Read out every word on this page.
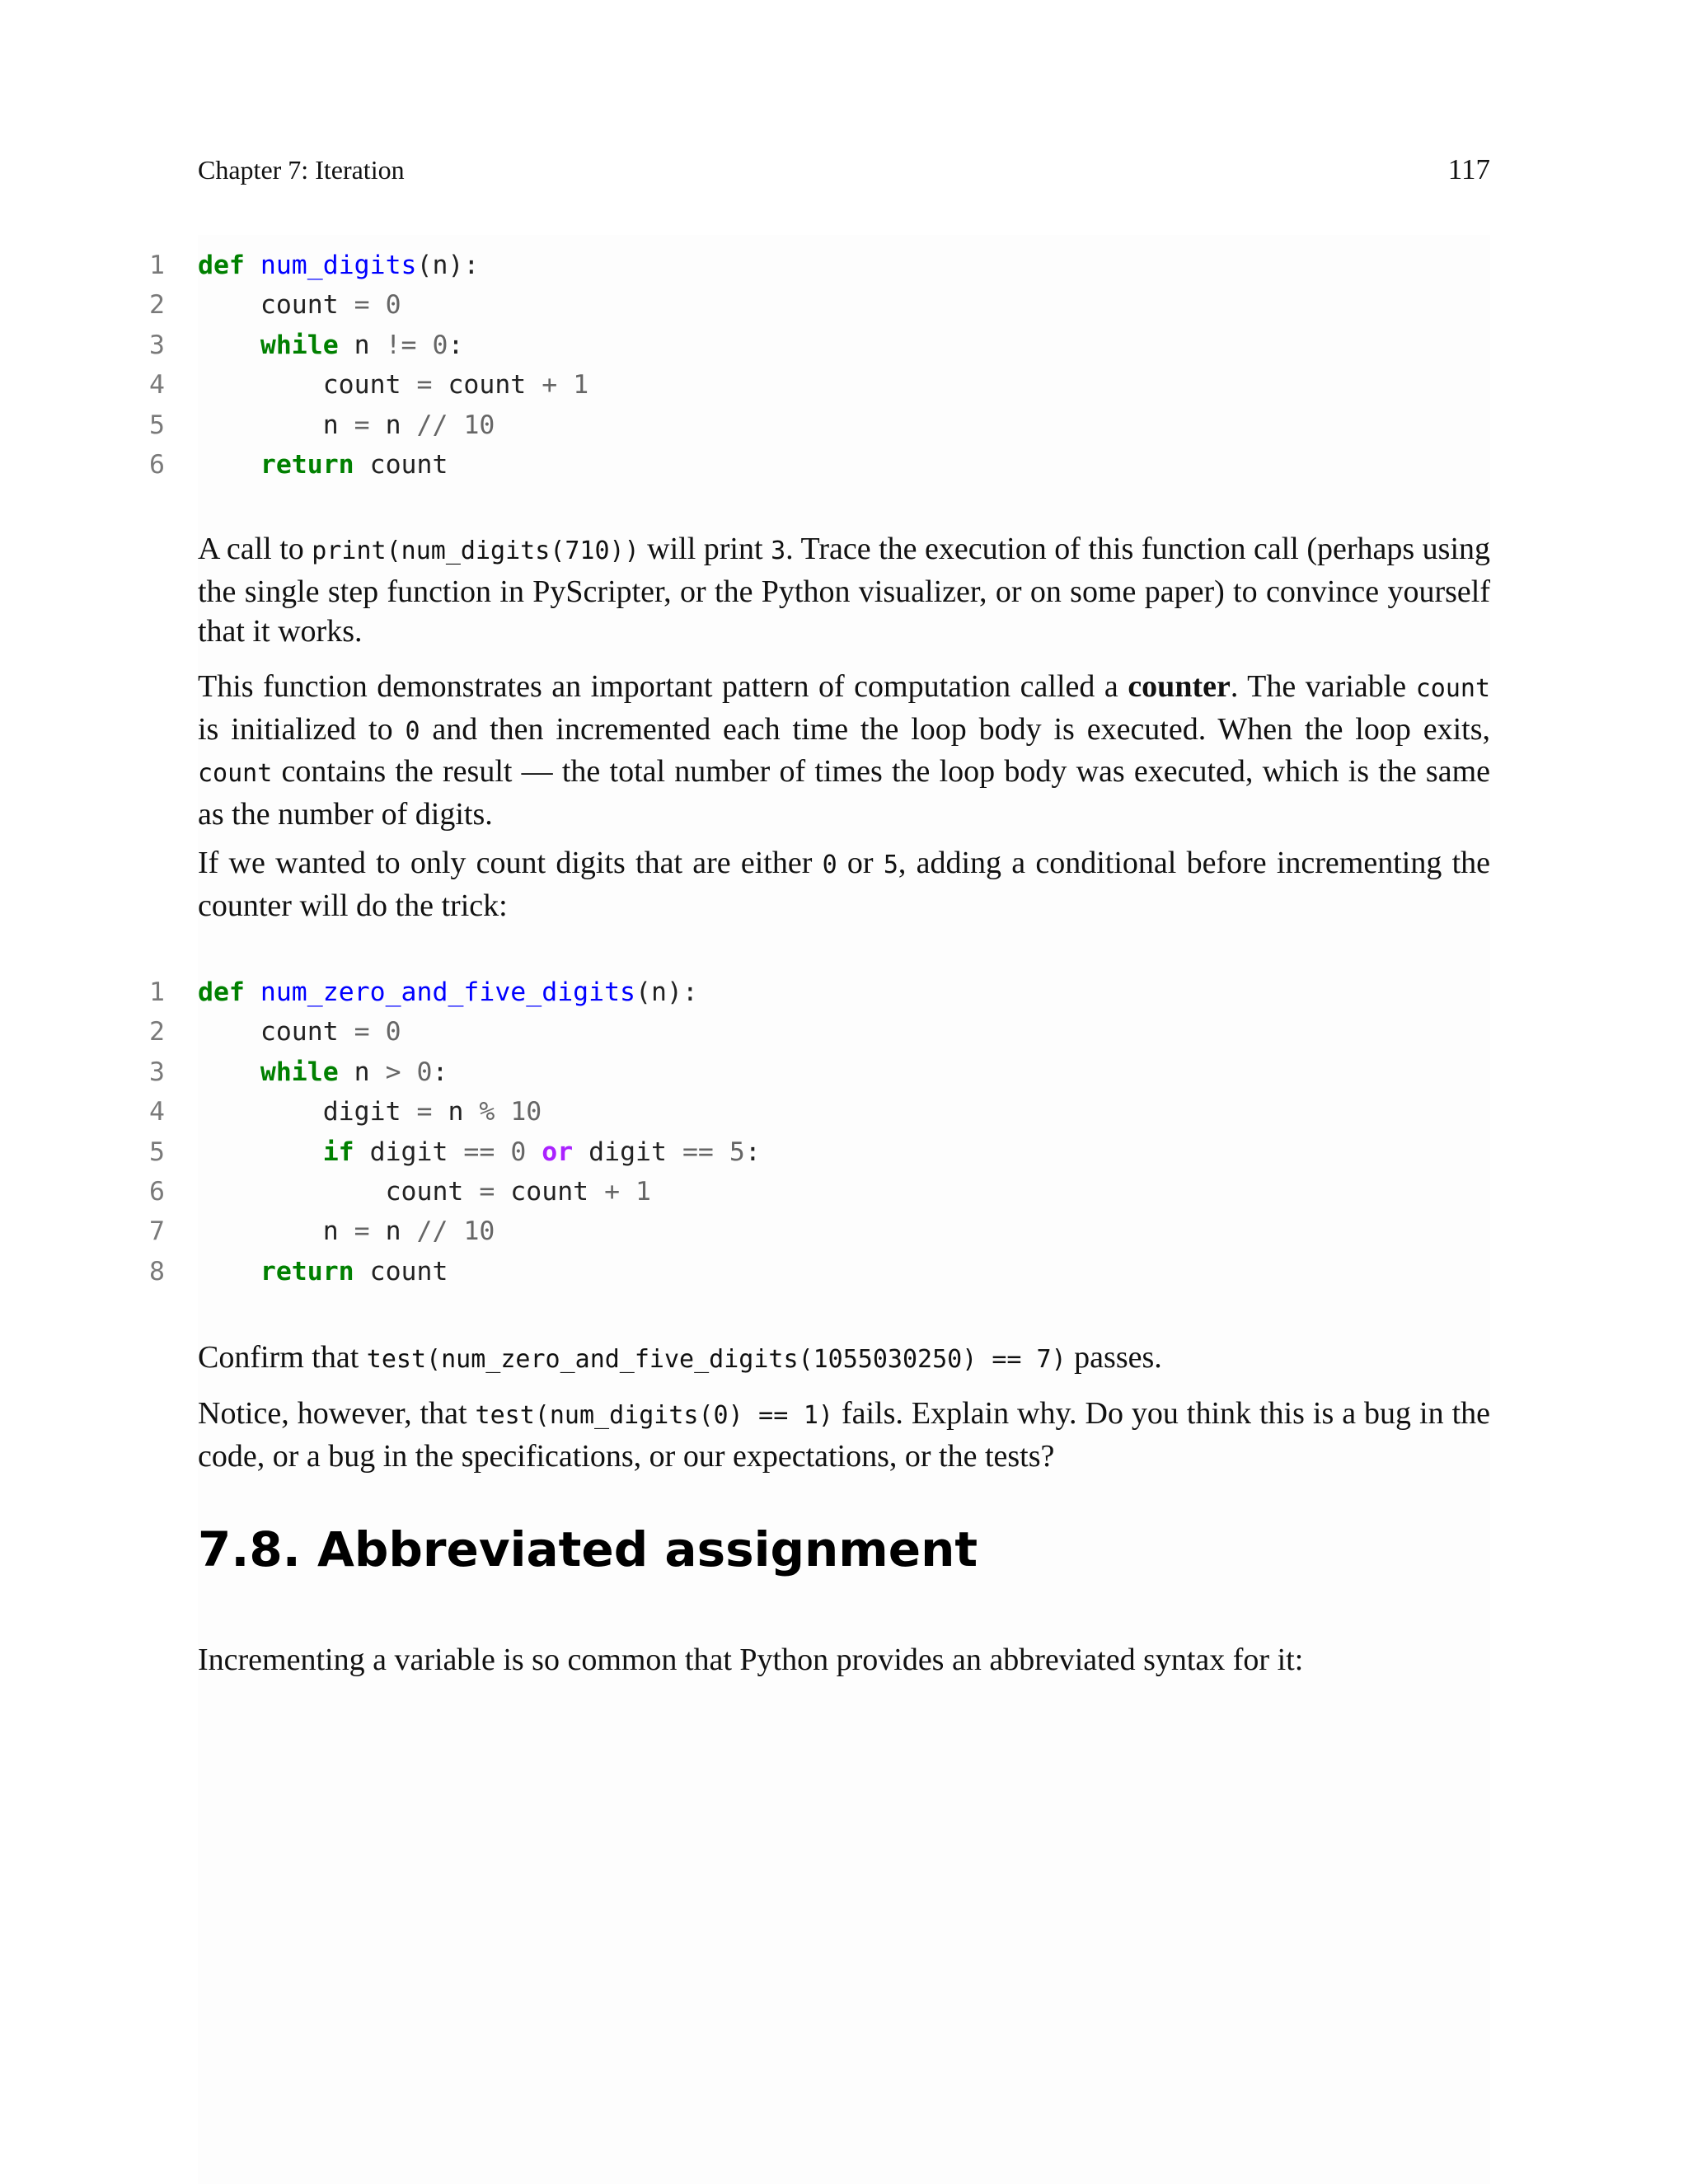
Chapter 7: Iteration	117
1 def num_digits(n):
2	count = 0
3	while n != 0:
4	count = count + 1
5	n = n // 10
6	return count

A call to print(num_digits(710)) will print 3. Trace the execution of this function call (perhaps using the single step function in PyScripter, or the Python visualizer, or on some paper) to convince yourself that it works.

This function demonstrates an important pattern of computation called a counter. The variable count is initialized to 0 and then incremented each time the loop body is executed. When the loop exits, count contains the result — the total number of times the loop body was executed, which is the same as the number of digits.

If we wanted to only count digits that are either 0 or 5, adding a conditional before incrementing the counter will do the trick:

1 def num_zero_and_five_digits(n):
2	count = 0
3	while n > 0:
4	digit = n % 10
5	if digit == 0 or digit == 5:
6	count = count + 1
7	n = n // 10
8	return count

Confirm that test(num_zero_and_five_digits(1055030250) == 7) passes.

Notice, however, that test(num_digits(0) == 1) fails. Explain why. Do you think this is a bug in the code, or a bug in the specifications, or our expectations, or the tests?

7.8. Abbreviated assignment

Incrementing a variable is so common that Python provides an abbreviated syntax for it:
